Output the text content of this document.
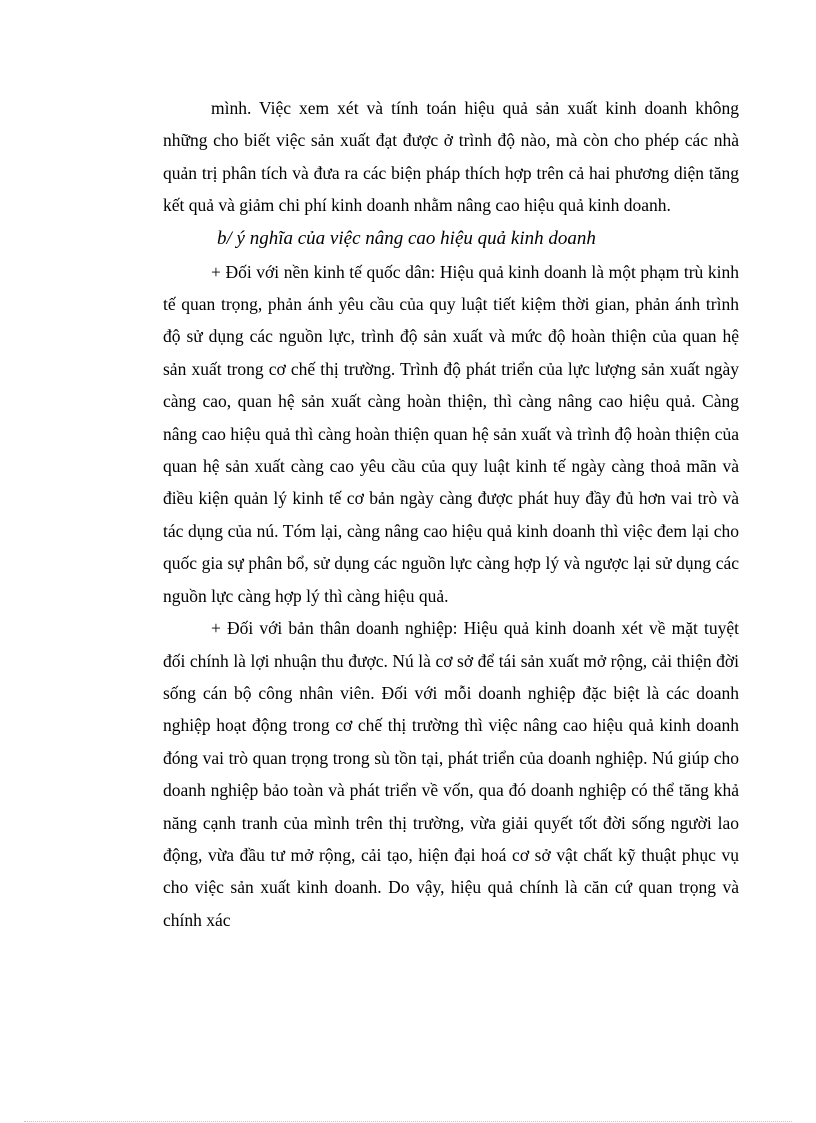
mình. Việc xem xét và tính toán hiệu quả sản xuất kinh doanh không những cho biết việc sản xuất đạt được ở trình độ nào, mà còn cho phép các nhà quản trị phân tích và đưa ra các biện pháp thích hợp trên cả hai phương diện tăng kết quả và giảm chi phí kinh doanh nhằm nâng cao hiệu quả kinh doanh.

b/ ý nghĩa của việc nâng cao hiệu quả kinh doanh

+ Đối với nền kinh tế quốc dân: Hiệu quả kinh doanh là một phạm trù kinh tế quan trọng, phản ánh yêu cầu của quy luật tiết kiệm thời gian, phản ánh trình độ sử dụng các nguồn lực, trình độ sản xuất và mức độ hoàn thiện của quan hệ sản xuất trong cơ chế thị trường. Trình độ phát triển của lực lượng sản xuất ngày càng cao, quan hệ sản xuất càng hoàn thiện, thì càng nâng cao hiệu quả. Càng nâng cao hiệu quả thì càng hoàn thiện quan hệ sản xuất và trình độ hoàn thiện của quan hệ sản xuất càng cao yêu cầu của quy luật kinh tế ngày càng thoả mãn và điều kiện quản lý kinh tế cơ bản ngày càng được phát huy đầy đủ hơn vai trò và tác dụng của nú. Tóm lại, càng nâng cao hiệu quả kinh doanh thì việc đem lại cho quốc gia sự phân bổ, sử dụng các nguồn lực càng hợp lý và ngược lại sử dụng các nguồn lực càng hợp lý thì càng hiệu quả.

+ Đối với bản thân doanh nghiệp: Hiệu quả kinh doanh xét về mặt tuyệt đối chính là lợi nhuận thu được. Nú là cơ sở để tái sản xuất mở rộng, cải thiện đời sống cán bộ công nhân viên. Đối với mỗi doanh nghiệp đặc biệt là các doanh nghiệp hoạt động trong cơ chế thị trường thì việc nâng cao hiệu quả kinh doanh đóng vai trò quan trọng trong sù tồn tại, phát triển của doanh nghiệp. Nú giúp cho doanh nghiệp bảo toàn và phát triển về vốn, qua đó doanh nghiệp có thể tăng khả năng cạnh tranh của mình trên thị trường, vừa giải quyết tốt đời sống người lao động, vừa đầu tư mở rộng, cải tạo, hiện đại hoá cơ sở vật chất kỹ thuật phục vụ cho việc sản xuất kinh doanh. Do vậy, hiệu quả chính là căn cứ quan trọng và chính xác
